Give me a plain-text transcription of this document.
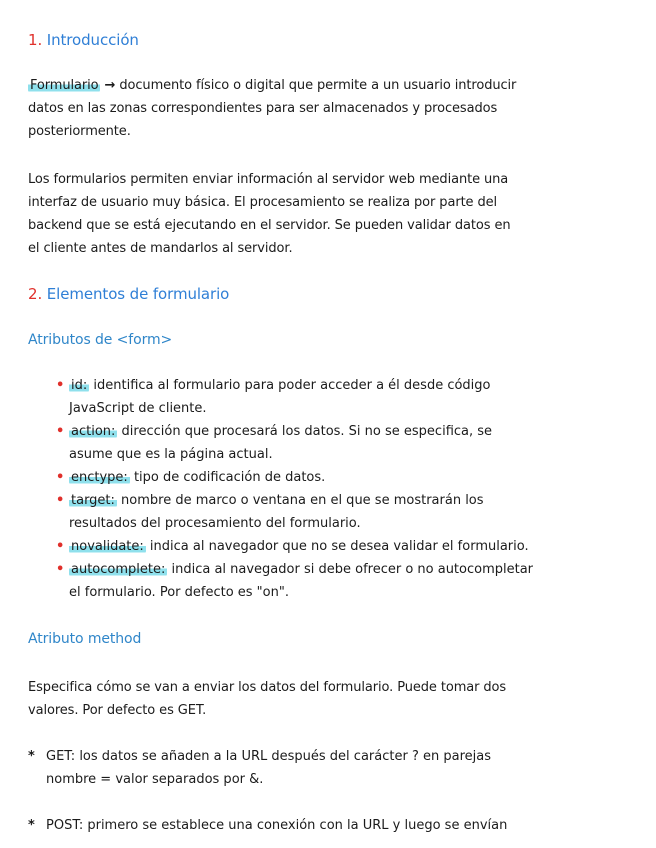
1. Introducción
Formulario → documento físico o digital que permite a un usuario introducir
datos en las zonas correspondientes para ser almacenados y procesados
posteriormente.
Los formularios permiten enviar información al servidor web mediante una
interfaz de usuario muy básica. El procesamiento se realiza por parte del
backend que se está ejecutando en el servidor. Se pueden validar datos en
el cliente antes de mandarlos al servidor.
2. Elementos de formulario
Atributos de <form>
• id: identifica al formulario para poder acceder a él desde código
JavaScript de cliente.
• action: dirección que procesará los datos. Si no se especifica, se
asume que es la página actual.
• enctype: tipo de codificación de datos.
• target: nombre de marco o ventana en el que se mostrarán los
resultados del procesamiento del formulario.
• novalidate: indica al navegador que no se desea validar el formulario.
• autocomplete: indica al navegador si debe ofrecer o no autocompletar
el formulario. Por defecto es "on".
Atributo method
Especifica cómo se van a enviar los datos del formulario. Puede tomar dos
valores. Por defecto es GET.
* GET: los datos se añaden a la URL después del carácter ? en parejas
nombre = valor separados por &.
* POST: primero se establece una conexión con la URL y luego se envían
